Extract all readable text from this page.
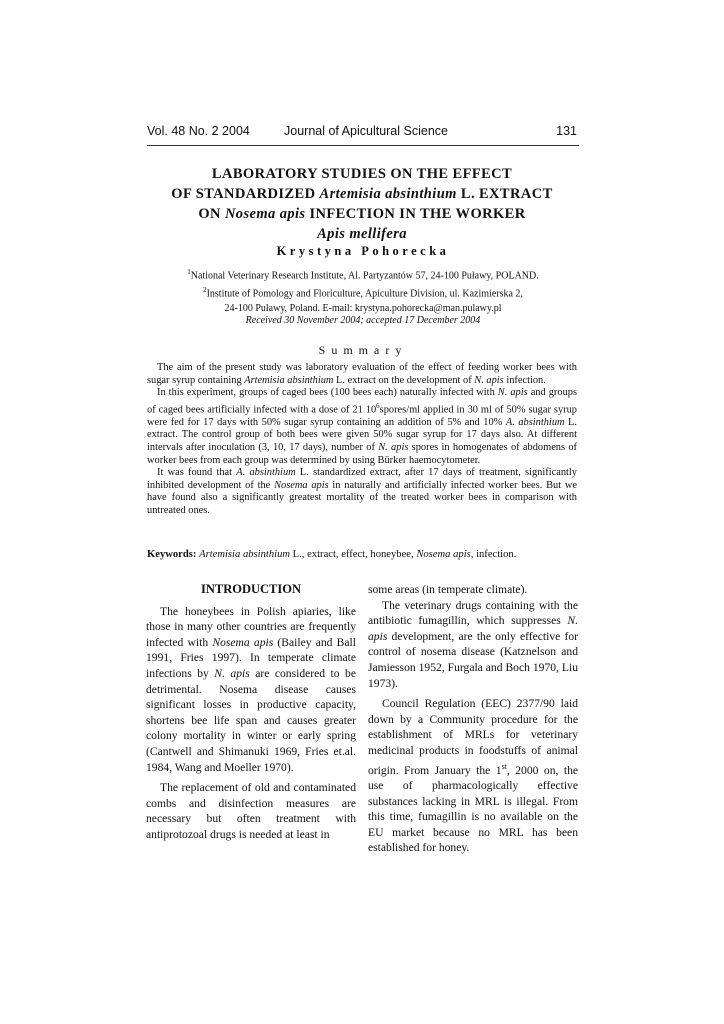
Vol. 48 No. 2 2004	Journal of Apicultural Science	131
LABORATORY STUDIES ON THE EFFECT
OF STANDARDIZED Artemisia absinthium L. EXTRACT
ON Nosema apis INFECTION IN THE WORKER
Apis mellifera
Krystyna Pohorecka
$^1$National Veterinary Research Institute, Al. Partyzantów 57, 24-100 Puławy, POLAND.
$^2$Institute of Pomology and Floriculture, Apiculture Division, ul. Kazimierska 2,
24-100 Puławy, Poland. E-mail: krystyna.pohorecka@man.pulawy.pl
Received 30 November 2004; accepted 17 December 2004
Summary

The aim of the present study was laboratory evaluation of the effect of feeding worker bees with sugar syrup containing Artemisia absinthium L. extract on the development of N. apis infection.

In this experiment, groups of caged bees (100 bees each) naturally infected with N. apis and groups of caged bees artificially infected with a dose of 21 $10^6spores/ml$ applied in 30 ml of 50% sugar syrup were fed for 17 days with 50% sugar syrup containing an addition of 5% and 10% A. absinthium L. extract. The control group of both bees were given 50% sugar syrup for 17 days also. At different intervals after inoculation (3, 10, 17 days), number of N. apis spores in homogenates of abdomens of worker bees from each group was determined by using Bürker haemocytometer.

It was found that A. absinthium L. standardized extract, after 17 days of treatment, significantly inhibited development of the Nosema apis in naturally and artificially infected worker bees. But we have found also a significantly greatest mortality of the treated worker bees in comparison with untreated ones.

Keywords: Artemisia absinthium L., extract, effect, honeybee, Nosema apis, infection.
INTRODUCTION

The honeybees in Polish apiaries, like those in many other countries are frequently infected with Nosema apis (Bailey and Ball 1991, Fries 1997). In temperate climate infections by N. apis are considered to be detrimental. Nosema disease causes significant losses in productive capacity, shortens bee life span and causes greater colony mortality in winter or early spring (Cantwell and Shimanuki 1969, Fries et.al. 1984, Wang and Moeller 1970).

The replacement of old and contaminated combs and disinfection measures are necessary but often treatment with antiprotozoal drugs is needed at least in

some areas (in temperate climate).

The veterinary drugs containing with the antibiotic fumagillin, which suppresses N. apis development, are the only effective for control of nosema disease (Katznelson and Jamiesson 1952, Furgala and Boch 1970, Liu 1973).

Council Regulation (EEC) 2377/90 laid down by a Community procedure for the establishment of MRLs for veterinary medicinal products in foodstuffs of animal origin. From January the 1st, 2000 on, the use of pharmacologically effective substances lacking in MRL is illegal. From this time, fumagillin is no available on the EU market because no MRL has been established for honey.
